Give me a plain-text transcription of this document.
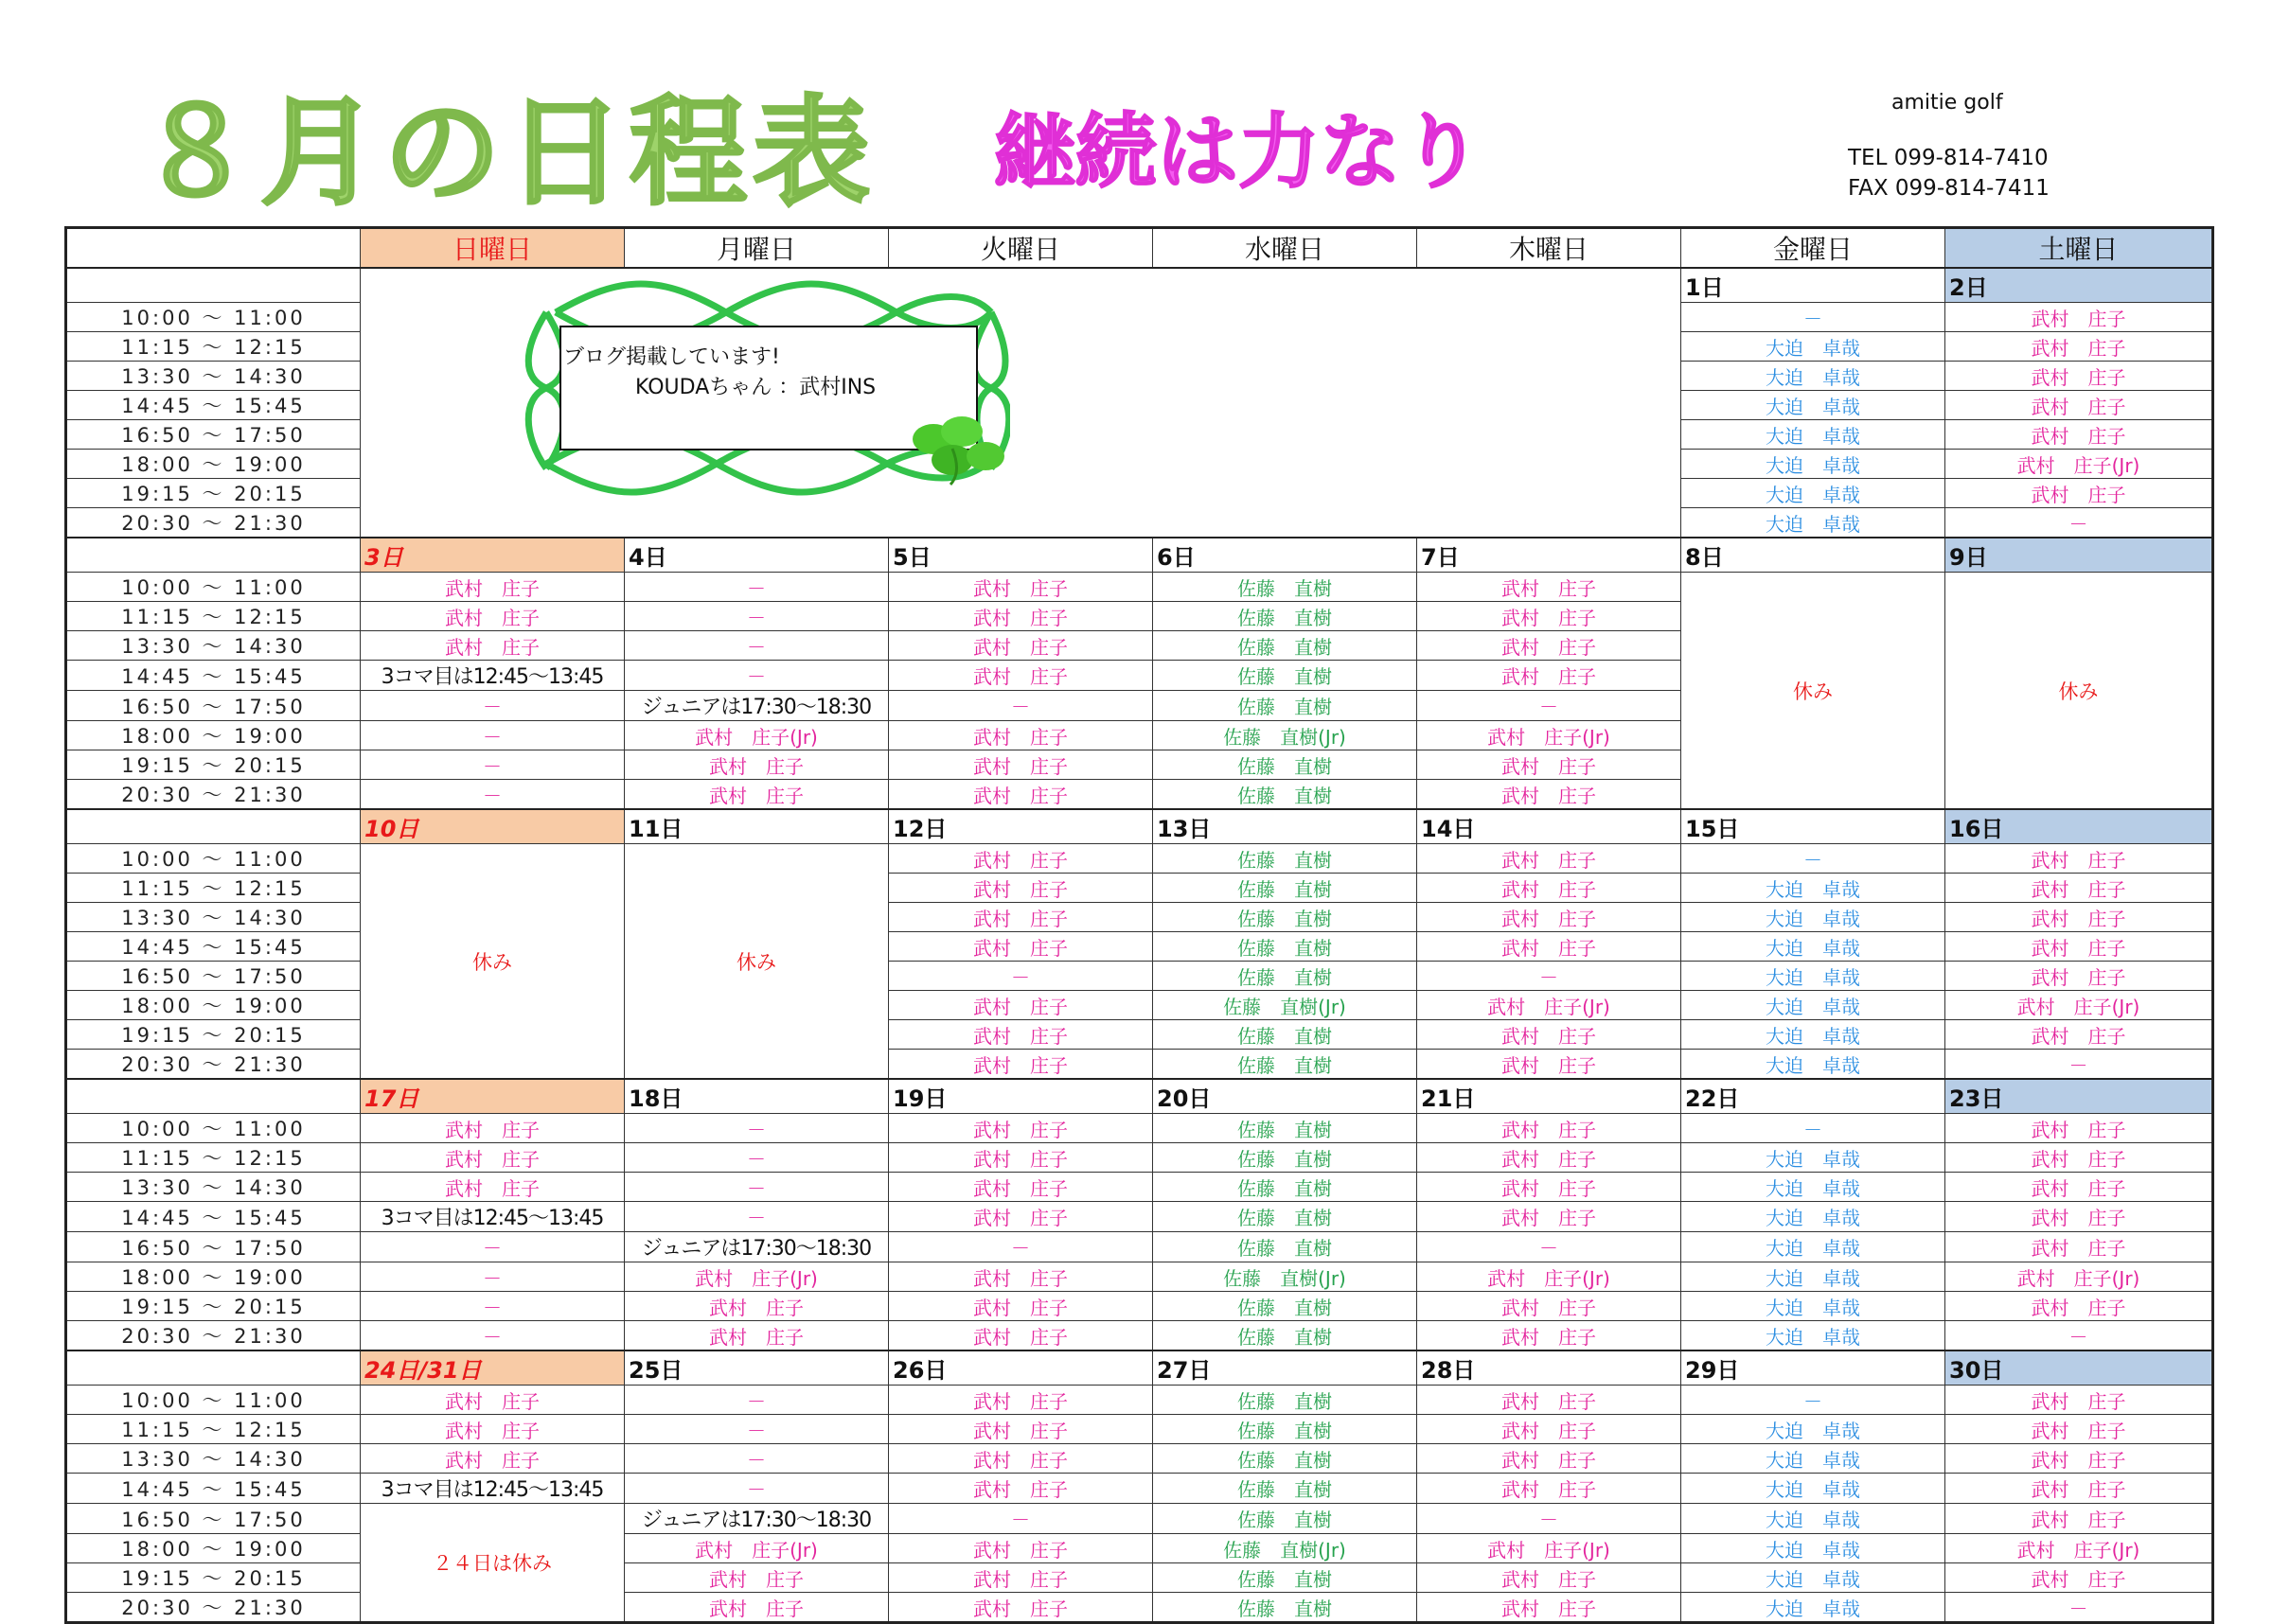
８月の日程表 継続は力なり
amitie golf
TEL 099-814-7410
FAX 099-814-7411
	日曜日	月曜日	火曜日	水曜日	木曜日	金曜日	土曜日

	ブログ掲載しています!
KOUDAちゃん ：武村INS					1日	2日
10:00 ～ 11:00						－	武村　庄子
11:15 ～ 12:15						大迫　卓哉	武村　庄子
13:30 ～ 14:30						大迫　卓哉	武村　庄子
14:45 ～ 15:45						大迫　卓哉	武村　庄子
16:50 ～ 17:50						大迫　卓哉	武村　庄子
18:00 ～ 19:00						大迫　卓哉	武村　庄子(Jr)
19:15 ～ 20:15						大迫　卓哉	武村　庄子
20:30 ～ 21:30						大迫　卓哉	－
	3日	4日	5日	6日	7日	8日	9日
10:00 ～ 11:00	武村　庄子	－	武村　庄子	佐藤　直樹	武村　庄子	休み	休み
11:15 ～ 12:15	武村　庄子	－	武村　庄子	佐藤　直樹	武村　庄子		
13:30 ～ 14:30	武村　庄子	－	武村　庄子	佐藤　直樹	武村　庄子		
14:45 ～ 15:45	3コマ目は12:45～13:45	－	武村　庄子	佐藤　直樹	武村　庄子		
16:50 ～ 17:50	－	ジュニアは17:30～18:30	－	佐藤　直樹	－		
18:00 ～ 19:00	－	武村　庄子(Jr)	武村　庄子	佐藤　直樹(Jr)	武村　庄子(Jr)		
19:15 ～ 20:15	－	武村　庄子	武村　庄子	佐藤　直樹	武村　庄子		
20:30 ～ 21:30	－	武村　庄子	武村　庄子	佐藤　直樹	武村　庄子		
	10日	11日	12日	13日	14日	15日	16日
10:00 ～ 11:00	休み	休み	武村　庄子	佐藤　直樹	武村　庄子	－	武村　庄子
11:15 ～ 12:15			武村　庄子	佐藤　直樹	武村　庄子	大迫　卓哉	武村　庄子
13:30 ～ 14:30			武村　庄子	佐藤　直樹	武村　庄子	大迫　卓哉	武村　庄子
14:45 ～ 15:45			武村　庄子	佐藤　直樹	武村　庄子	大迫　卓哉	武村　庄子
16:50 ～ 17:50			－	佐藤　直樹	－	大迫　卓哉	武村　庄子
18:00 ～ 19:00			武村　庄子	佐藤　直樹(Jr)	武村　庄子(Jr)	大迫　卓哉	武村　庄子(Jr)
19:15 ～ 20:15			武村　庄子	佐藤　直樹	武村　庄子	大迫　卓哉	武村　庄子
20:30 ～ 21:30			武村　庄子	佐藤　直樹	武村　庄子	大迫　卓哉	－
	17日	18日	19日	20日	21日	22日	23日
10:00 ～ 11:00	武村　庄子	－	武村　庄子	佐藤　直樹	武村　庄子	－	武村　庄子
11:15 ～ 12:15	武村　庄子	－	武村　庄子	佐藤　直樹	武村　庄子	大迫　卓哉	武村　庄子
13:30 ～ 14:30	武村　庄子	－	武村　庄子	佐藤　直樹	武村　庄子	大迫　卓哉	武村　庄子
14:45 ～ 15:45	3コマ目は12:45～13:45	－	武村　庄子	佐藤　直樹	武村　庄子	大迫　卓哉	武村　庄子
16:50 ～ 17:50	－	ジュニアは17:30～18:30	－	佐藤　直樹	－	大迫　卓哉	武村　庄子
18:00 ～ 19:00	－	武村　庄子(Jr)	武村　庄子	佐藤　直樹(Jr)	武村　庄子(Jr)	大迫　卓哉	武村　庄子(Jr)
19:15 ～ 20:15	－	武村　庄子	武村　庄子	佐藤　直樹	武村　庄子	大迫　卓哉	武村　庄子
20:30 ～ 21:30	－	武村　庄子	武村　庄子	佐藤　直樹	武村　庄子	大迫　卓哉	－
	24日/31日	25日	26日	27日	28日	29日	30日
10:00 ～ 11:00	武村　庄子	－	武村　庄子	佐藤　直樹	武村　庄子	－	武村　庄子
11:15 ～ 12:15	武村　庄子	－	武村　庄子	佐藤　直樹	武村　庄子	大迫　卓哉	武村　庄子
13:30 ～ 14:30	武村　庄子	－	武村　庄子	佐藤　直樹	武村　庄子	大迫　卓哉	武村　庄子
14:45 ～ 15:45	3コマ目は12:45～13:45	－	武村　庄子	佐藤　直樹	武村　庄子	大迫　卓哉	武村　庄子
16:50 ～ 17:50	２４日は休み	ジュニアは17:30～18:30	－	佐藤　直樹	－	大迫　卓哉	武村　庄子
18:00 ～ 19:00		武村　庄子(Jr)	武村　庄子	佐藤　直樹(Jr)	武村　庄子(Jr)	大迫　卓哉	武村　庄子(Jr)
19:15 ～ 20:15		武村　庄子	武村　庄子	佐藤　直樹	武村　庄子	大迫　卓哉	武村　庄子
20:30 ～ 21:30		武村　庄子	武村　庄子	佐藤　直樹	武村　庄子	大迫　卓哉	－
